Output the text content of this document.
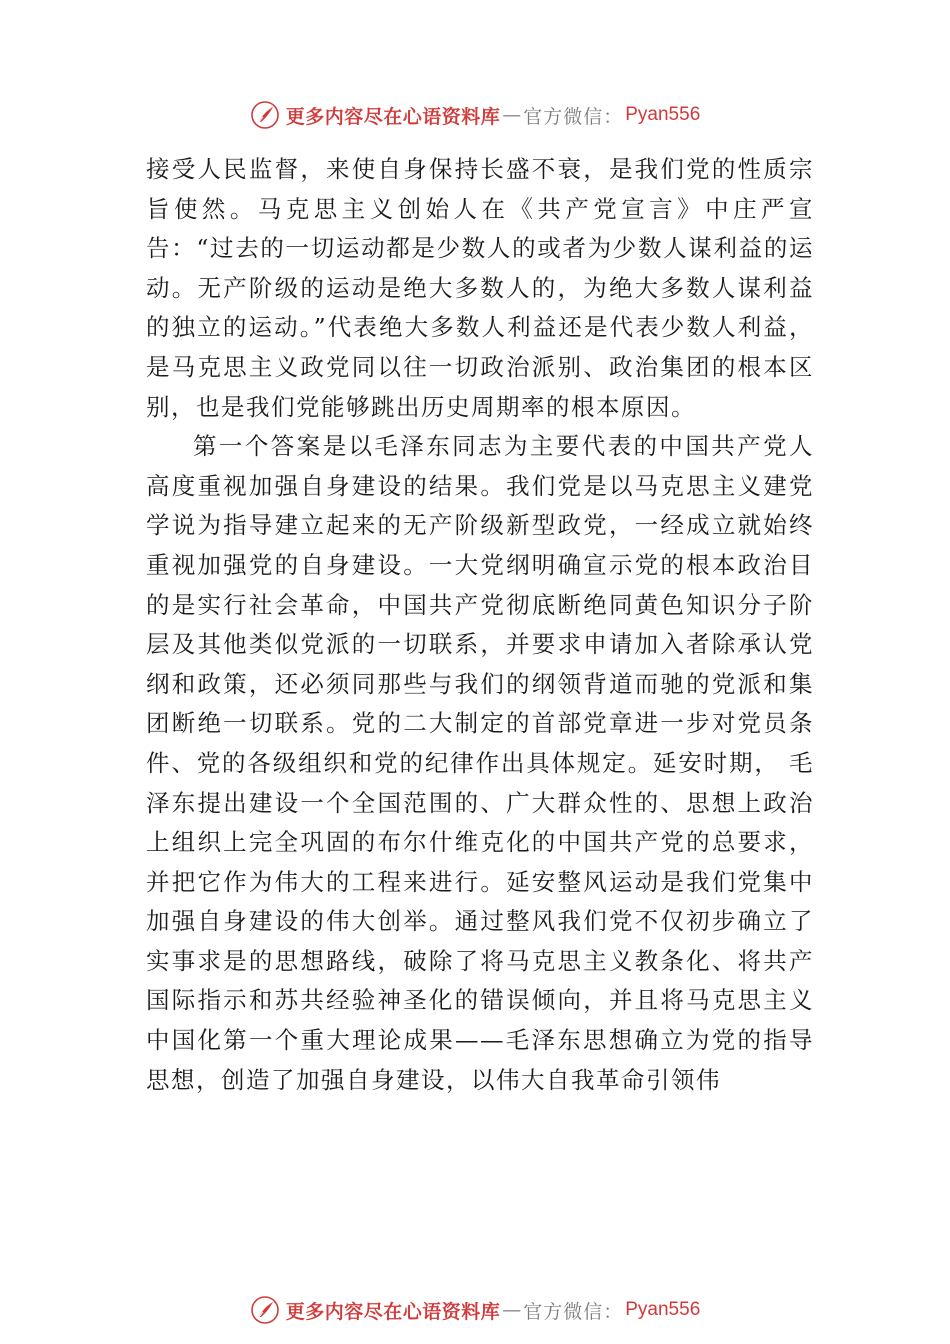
更多内容尽在心语资料库 — 官方微信： Pyan556

接受人民监督，来使自身保持长盛不衰，是我们党的性质宗旨使然。马克思主义创始人在《共产党宣言》中庄严宣告：“过去的一切运动都是少数人的或者为少数人谋利益的运动。无产阶级的运动是绝大多数人的，为绝大多数人谋利益的独立的运动。”代表绝大多数人利益还是代表少数人利益，是马克思主义政党同以往一切政治派别、政治集团的根本区别，也是我们党能够跳出历史周期率的根本原因。

第一个答案是以毛泽东同志为主要代表的中国共产党人高度重视加强自身建设的结果。我们党是以马克思主义建党学说为指导建立起来的无产阶级新型政党，一经成立就始终重视加强党的自身建设。一大党纲明确宣示党的根本政治目的是实行社会革命，中国共产党彻底断绝同黄色知识分子阶层及其他类似党派的一切联系，并要求申请加入者除承认党纲和政策，还必须同那些与我们的纲领背道而驰的党派和集团断绝一切联系。党的二大制定的首部党章进一步对党员条件、党的各级组织和党的纪律作出具体规定。延安时期， 毛泽东提出建设一个全国范围的、广大群众性的、思想上政治上组织上完全巩固的布尔什维克化的中国共产党的总要求，并把它作为伟大的工程来进行。延安整风运动是我们党集中加强自身建设的伟大创举。通过整风我们党不仅初步确立了实事求是的思想路线，破除了将马克思主义教条化、将共产国际指示和苏共经验神圣化的错误倾向，并且将马克思主义中国化第一个重大理论成果——毛泽东思想确立为党的指导思想，创造了加强自身建设，以伟大自我革命引领伟

更多内容尽在心语资料库 — 官方微信： Pyan556
